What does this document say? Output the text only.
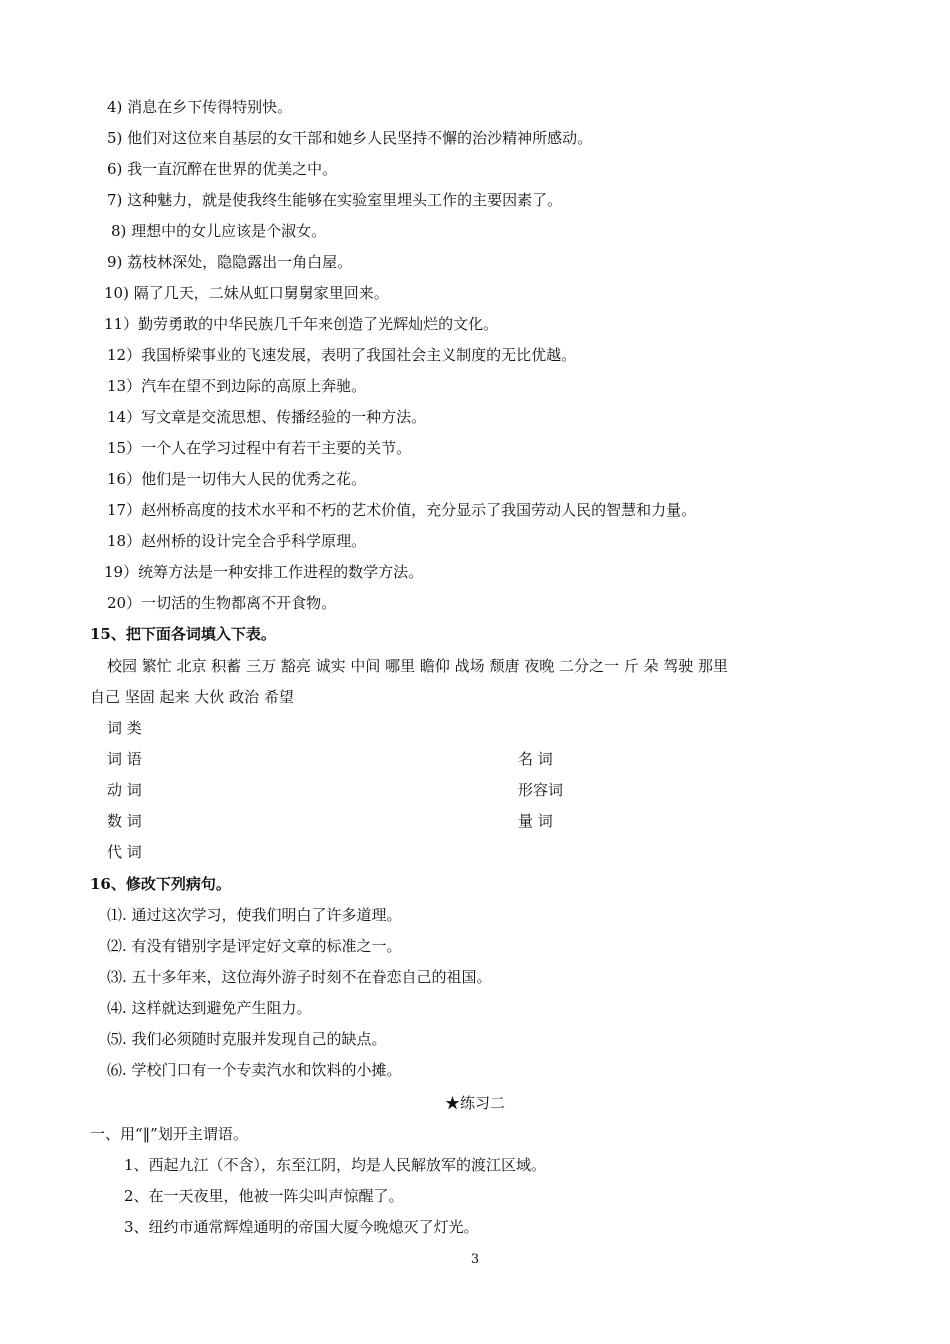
4) 消息在乡下传得特别快。
5) 他们对这位来自基层的女干部和她乡人民坚持不懈的治沙精神所感动。
6) 我一直沉醉在世界的优美之中。
7) 这种魅力，就是使我终生能够在实验室里埋头工作的主要因素了。
8) 理想中的女儿应该是个淑女。
9) 荔枝林深处，隐隐露出一角白屋。
10) 隔了几天，二妹从虹口舅舅家里回来。
11）勤劳勇敢的中华民族几千年来创造了光辉灿烂的文化。
12）我国桥梁事业的飞速发展，表明了我国社会主义制度的无比优越。
13）汽车在望不到边际的高原上奔驰。
14）写文章是交流思想、传播经验的一种方法。
15）一个人在学习过程中有若干主要的关节。
16）他们是一切伟大人民的优秀之花。
17）赵州桥高度的技术水平和不朽的艺术价值，充分显示了我国劳动人民的智慧和力量。
18）赵州桥的设计完全合乎科学原理。
19）统筹方法是一种安排工作进程的数学方法。
20）一切活的生物都离不开食物。
15、把下面各词填入下表。
校园 繁忙 北京 积蓄 三万 豁亮 诚实 中间 哪里 瞻仰 战场 颓唐 夜晚 二分之一 斤 朵 驾驶 那里
自己 坚固 起来 大伙 政治 希望
词 类
词 语	名 词
动 词	形容词
数 词	量 词
代 词
16、修改下列病句。
⑴. 通过这次学习，使我们明白了许多道理。
⑵. 有没有错别字是评定好文章的标准之一。
⑶. 五十多年来，这位海外游子时刻不在眷恋自己的祖国。
⑷. 这样就达到避免产生阻力。
⑸. 我们必须随时克服并发现自己的缺点。
⑹. 学校门口有一个专卖汽水和饮料的小摊。
★练习二
一、用“‖”划开主谓语。
1、西起九江（不含），东至江阴，均是人民解放军的渡江区域。
2、在一天夜里，他被一阵尖叫声惊醒了。
3、纽约市通常辉煌通明的帝国大厦今晚熄灭了灯光。
3
